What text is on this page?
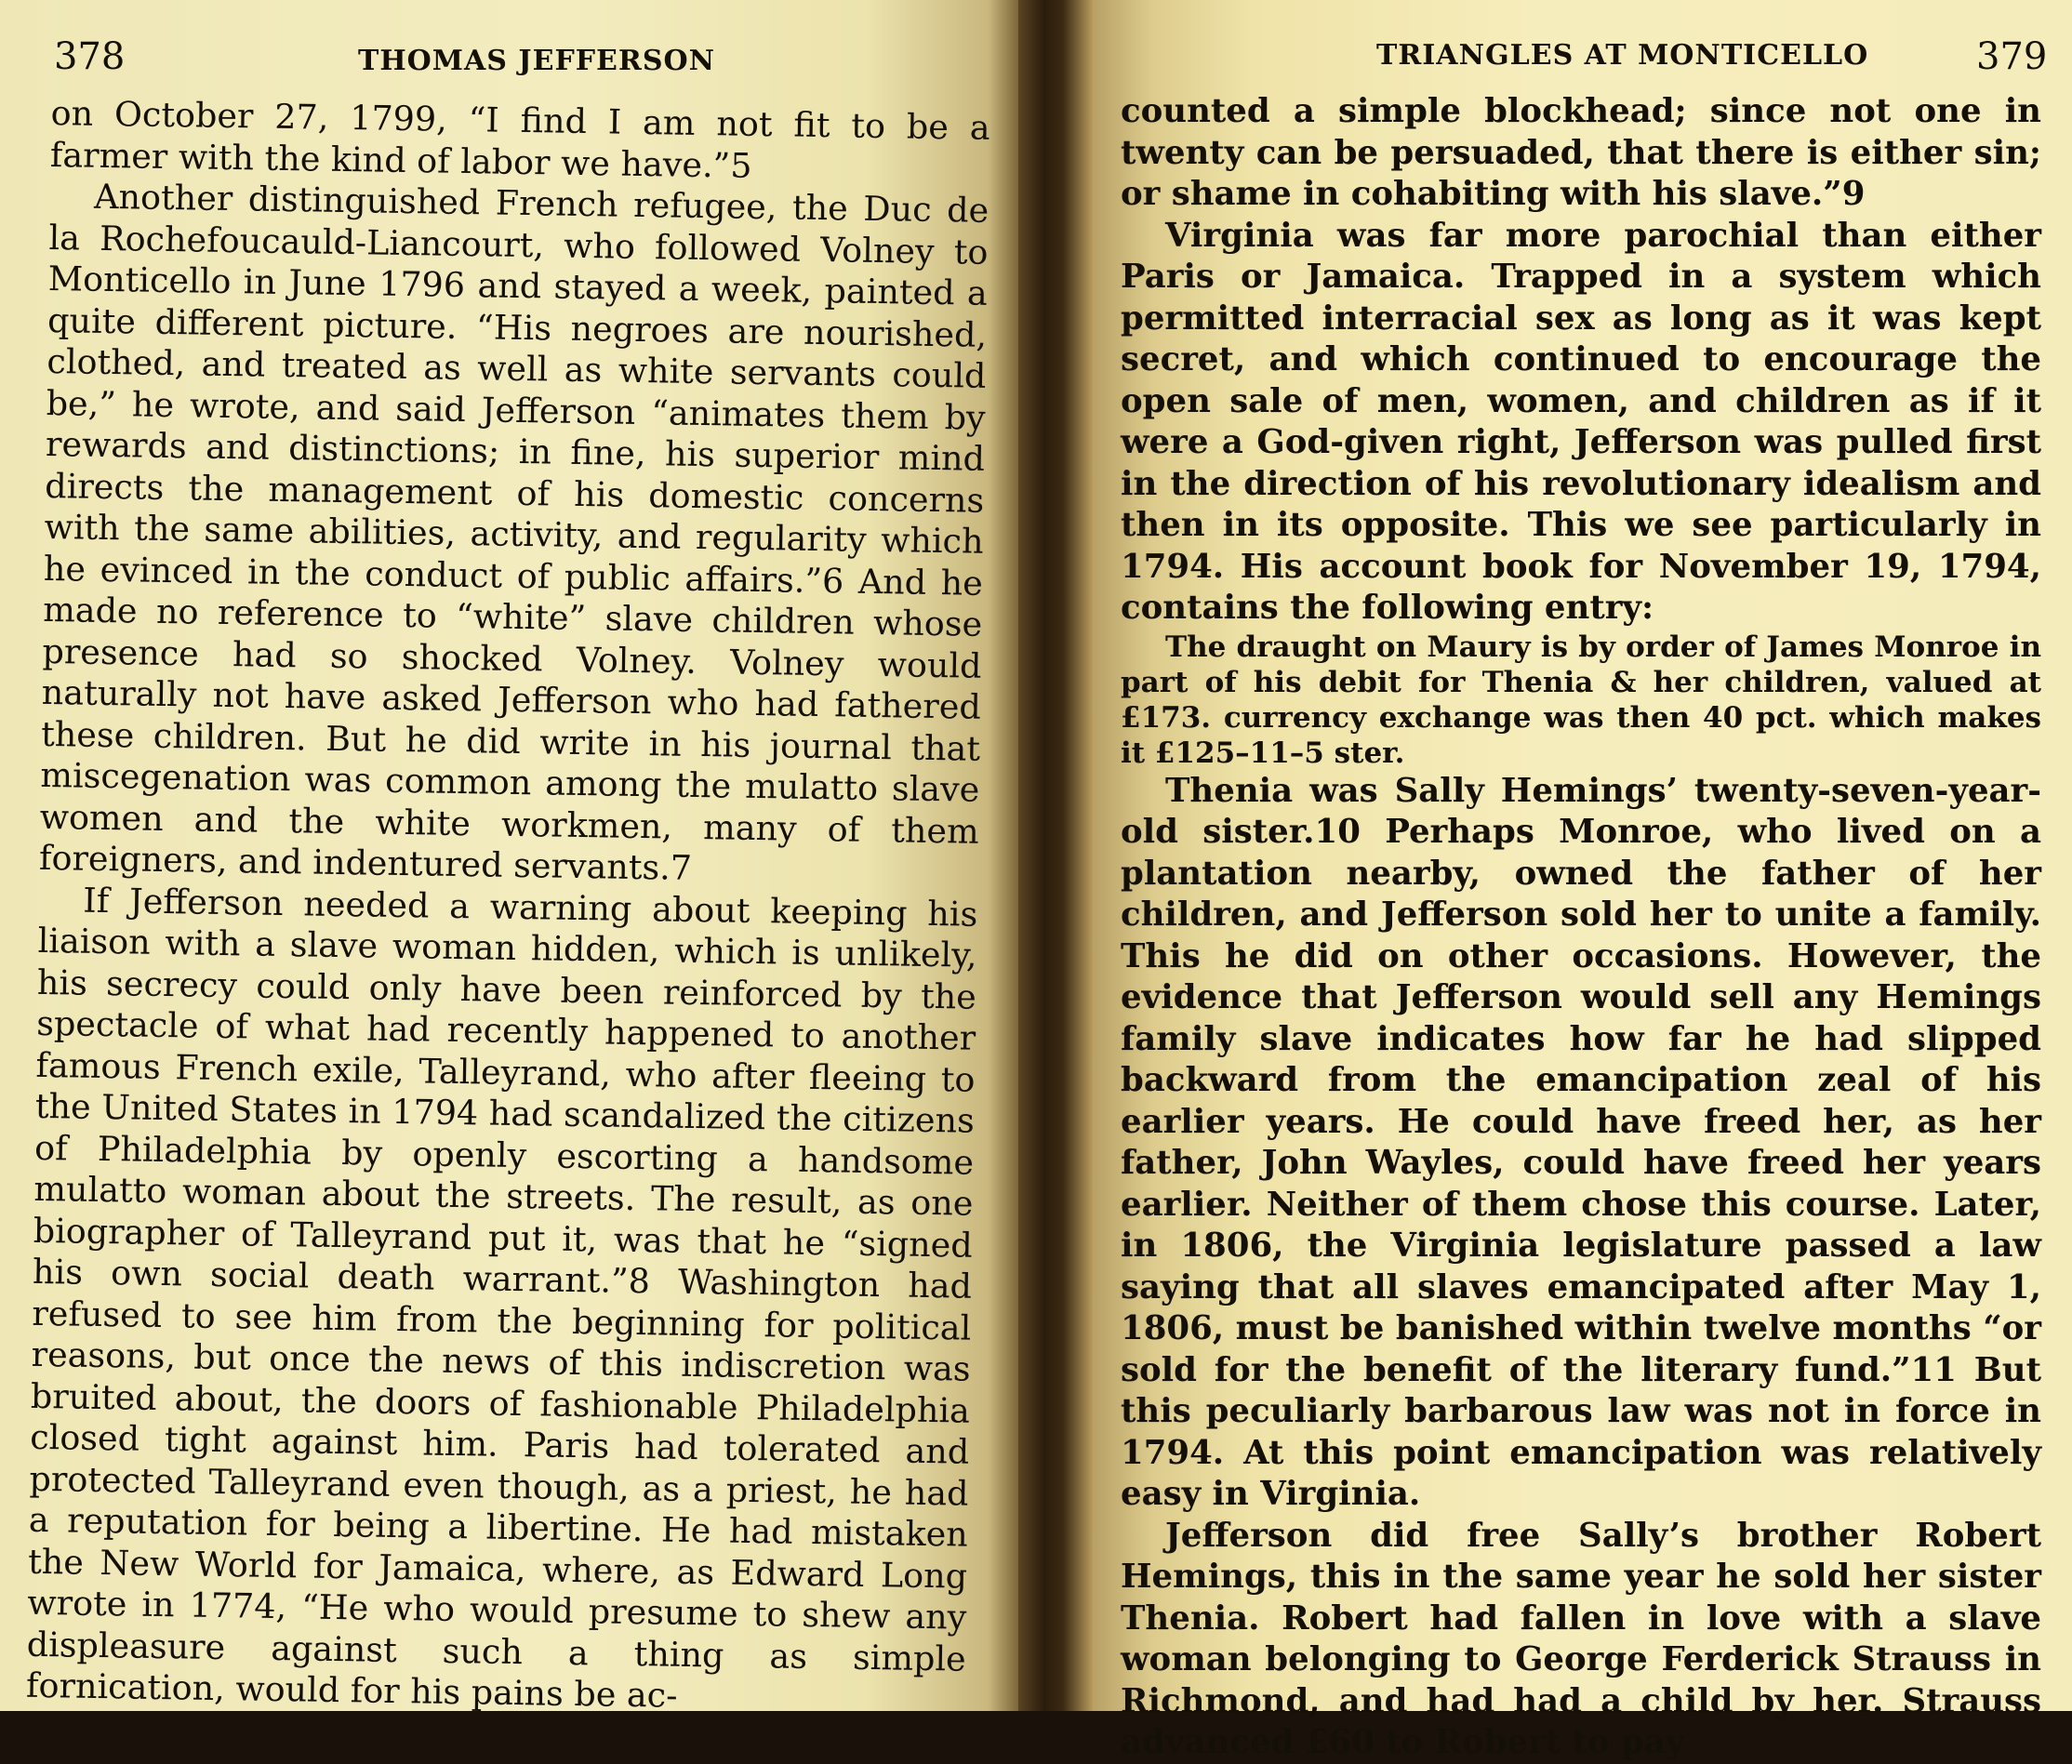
378	THOMAS JEFFERSON

on October 27, 1799, “I find I am not fit to be a farmer with the kind of labor we have.”5

Another distinguished French refugee, the Duc de la Rochefoucauld-Liancourt, who followed Volney to Monticello in June 1796 and stayed a week, painted a quite different picture. “His negroes are nourished, clothed, and treated as well as white servants could be,” he wrote, and said Jefferson “animates them by rewards and distinctions; in fine, his superior mind directs the management of his domestic concerns with the same abilities, activity, and regularity which he evinced in the conduct of public affairs.”6 And he made no reference to “white” slave children whose presence had so shocked Volney. Volney would naturally not have asked Jefferson who had fathered these children. But he did write in his journal that miscegenation was common among the mulatto slave women and the white workmen, many of them foreigners, and indentured servants.7

If Jefferson needed a warning about keeping his liaison with a slave woman hidden, which is unlikely, his secrecy could only have been reinforced by the spectacle of what had recently happened to another famous French exile, Talleyrand, who after fleeing to the United States in 1794 had scandalized the citizens of Philadelphia by openly escorting a handsome mulatto woman about the streets. The result, as one biographer of Talleyrand put it, was that he “signed his own social death warrant.”8 Washington had refused to see him from the beginning for political reasons, but once the news of this indiscretion was bruited about, the doors of fashionable Philadelphia closed tight against him. Paris had tolerated and protected Talleyrand even though, as a priest, he had a reputation for being a libertine. He had mistaken the New World for Jamaica, where, as Edward Long wrote in 1774, “He who would presume to shew any displeasure against such a thing as simple fornication, would for his pains be ac-

TRIANGLES AT MONTICELLO	379

counted a simple blockhead; since not one in twenty can be persuaded, that there is either sin; or shame in cohabiting with his slave.”9

Virginia was far more parochial than either Paris or Jamaica. Trapped in a system which permitted interracial sex as long as it was kept secret, and which continued to encourage the open sale of men, women, and children as if it were a God-given right, Jefferson was pulled first in the direction of his revolutionary idealism and then in its opposite. This we see particularly in 1794. His account book for November 19, 1794, contains the following entry:

The draught on Maury is by order of James Monroe in part of his debit for Thenia & her children, valued at £173. currency exchange was then 40 pct. which makes it £125–11–5 ster.

Thenia was Sally Hemings’ twenty-seven-year-old sister.10 Perhaps Monroe, who lived on a plantation nearby, owned the father of her children, and Jefferson sold her to unite a family. This he did on other occasions. However, the evidence that Jefferson would sell any Hemings family slave indicates how far he had slipped backward from the emancipation zeal of his earlier years. He could have freed her, as her father, John Wayles, could have freed her years earlier. Neither of them chose this course. Later, in 1806, the Virginia legislature passed a law saying that all slaves emancipated after May 1, 1806, must be banished within twelve months “or sold for the benefit of the literary fund.”11 But this peculiarly barbarous law was not in force in 1794. At this point emancipation was relatively easy in Virginia.

Jefferson did free Sally’s brother Robert Hemings, this in the same year he sold her sister Thenia. Robert had fallen in love with a slave woman belonging to George Ferderick Strauss in Richmond, and had had a child by her. Strauss advanced £60 to Robert to pay
